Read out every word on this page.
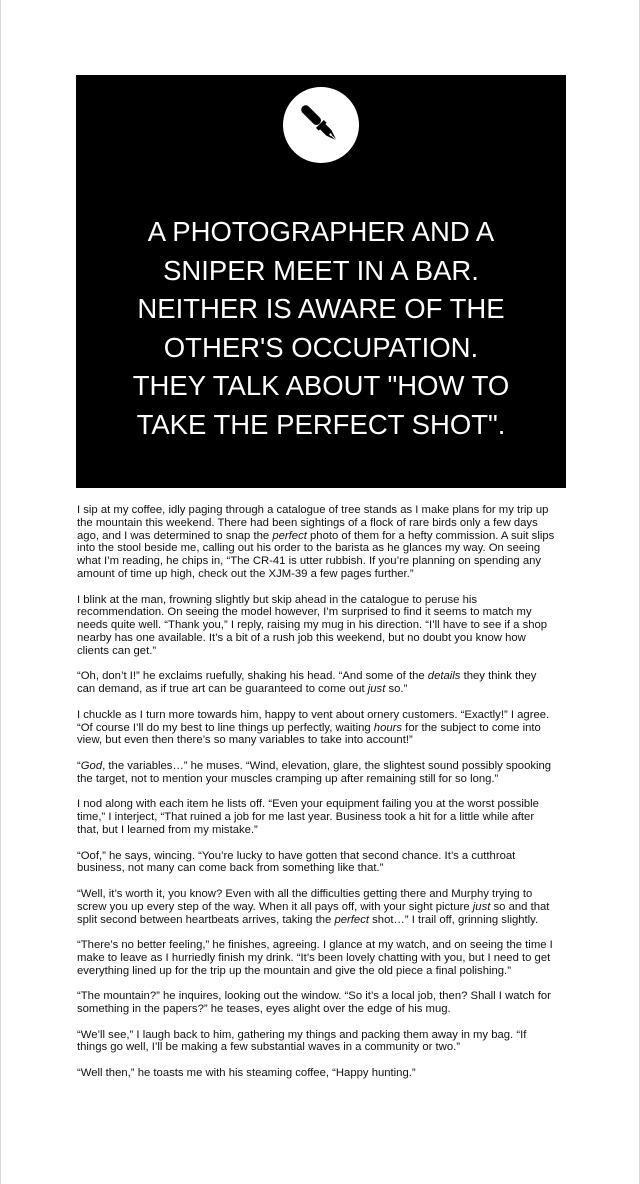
A PHOTOGRAPHER AND A
SNIPER MEET IN A BAR.
NEITHER IS AWARE OF THE
OTHER'S OCCUPATION.
THEY TALK ABOUT "HOW TO
TAKE THE PERFECT SHOT".

I sip at my coffee, idly paging through a catalogue of tree stands as I make plans for my trip up
the mountain this weekend. There had been sightings of a flock of rare birds only a few days
ago, and I was determined to snap the perfect photo of them for a hefty commission. A suit slips
into the stool beside me, calling out his order to the barista as he glances my way. On seeing
what I’m reading, he chips in, “The CR-41 is utter rubbish. If you’re planning on spending any
amount of time up high, check out the XJM-39 a few pages further.”

I blink at the man, frowning slightly but skip ahead in the catalogue to peruse his
recommendation. On seeing the model however, I’m surprised to find it seems to match my
needs quite well. “Thank you,” I reply, raising my mug in his direction. “I’ll have to see if a shop
nearby has one available. It’s a bit of a rush job this weekend, but no doubt you know how
clients can get.”

“Oh, don’t I!” he exclaims ruefully, shaking his head. “And some of the details they think they
can demand, as if true art can be guaranteed to come out just so.”

I chuckle as I turn more towards him, happy to vent about ornery customers. “Exactly!” I agree.
“Of course I’ll do my best to line things up perfectly, waiting hours for the subject to come into
view, but even then there’s so many variables to take into account!”

“God, the variables…” he muses. “Wind, elevation, glare, the slightest sound possibly spooking
the target, not to mention your muscles cramping up after remaining still for so long.”

I nod along with each item he lists off. “Even your equipment failing you at the worst possible
time,” I interject, “That ruined a job for me last year. Business took a hit for a little while after
that, but I learned from my mistake.”

“Oof,” he says, wincing. “You’re lucky to have gotten that second chance. It’s a cutthroat
business, not many can come back from something like that.”

“Well, it’s worth it, you know? Even with all the difficulties getting there and Murphy trying to
screw you up every step of the way. When it all pays off, with your sight picture just so and that
split second between heartbeats arrives, taking the perfect shot…” I trail off, grinning slightly.

“There’s no better feeling,” he finishes, agreeing. I glance at my watch, and on seeing the time I
make to leave as I hurriedly finish my drink. “It’s been lovely chatting with you, but I need to get
everything lined up for the trip up the mountain and give the old piece a final polishing.”

“The mountain?” he inquires, looking out the window. “So it’s a local job, then? Shall I watch for
something in the papers?” he teases, eyes alight over the edge of his mug.

“We’ll see,” I laugh back to him, gathering my things and packing them away in my bag. “If
things go well, I’ll be making a few substantial waves in a community or two.”

“Well then,” he toasts me with his steaming coffee, “Happy hunting.”
